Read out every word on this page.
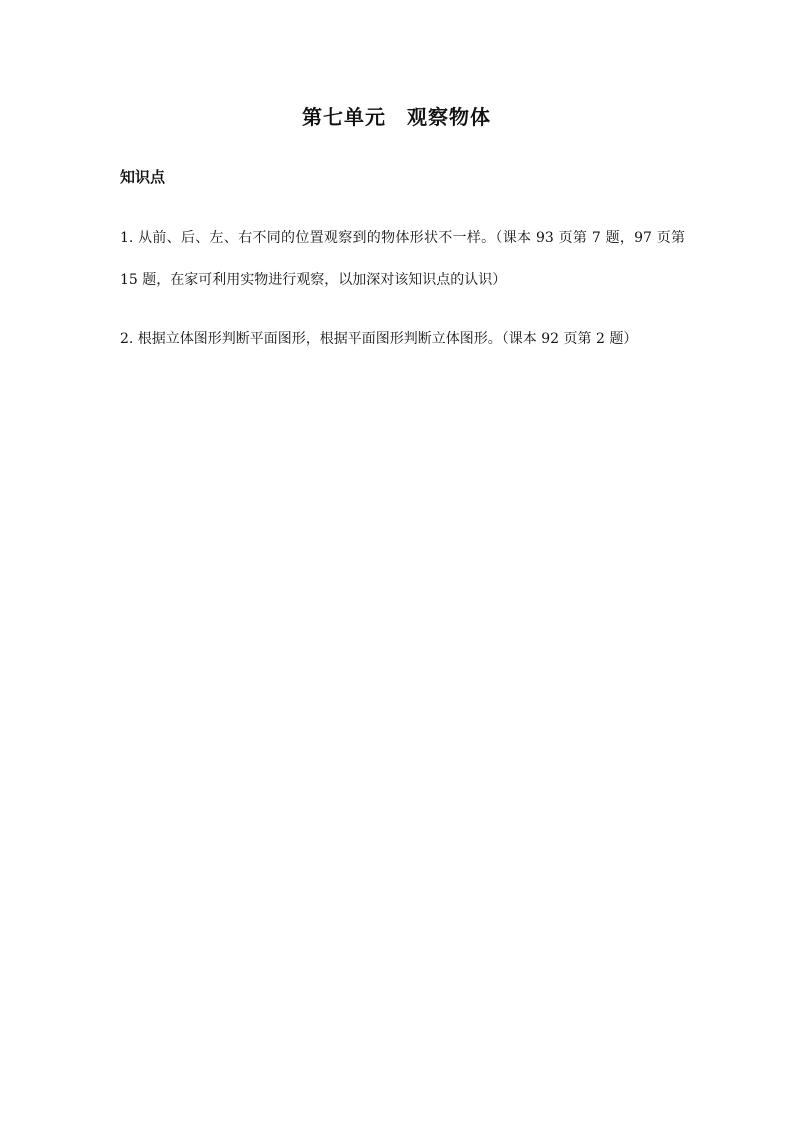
第七单元　观察物体
知识点
1. 从前、后、左、右不同的位置观察到的物体形状不一样。（课本 93 页第 7 题，97 页第 15 题，在家可利用实物进行观察，以加深对该知识点的认识）
2. 根据立体图形判断平面图形，根据平面图形判断立体图形。（课本 92 页第 2 题）
